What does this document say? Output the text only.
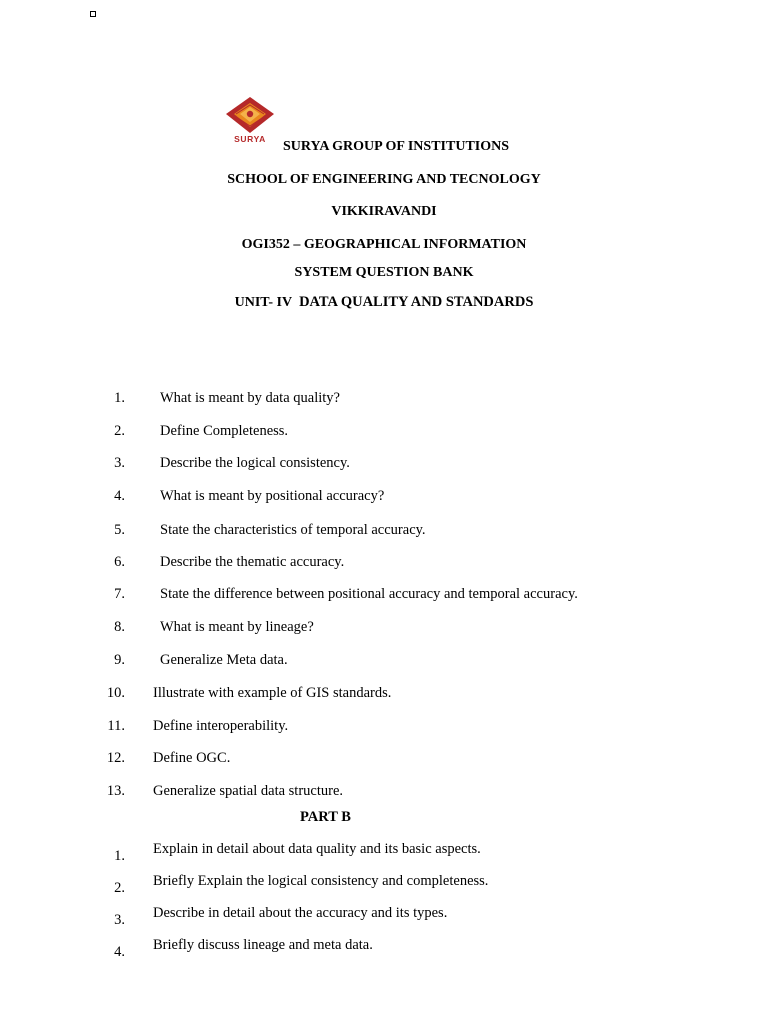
SURYA	SURYA GROUP OF INSTITUTIONS
SCHOOL OF ENGINEERING AND TECNOLOGY
VIKKIRAVANDI
OGI352 – GEOGRAPHICAL INFORMATION
SYSTEM QUESTION BANK
UNIT- IV DATA QUALITY AND STANDARDS
1. What is meant by data quality?
2. Define Completeness.
3. Describe the logical consistency.
4. What is meant by positional accuracy?
5. State the characteristics of temporal accuracy.
6. Describe the thematic accuracy.
7. State the difference between positional accuracy and temporal accuracy.
8. What is meant by lineage?
9. Generalize Meta data.
10. Illustrate with example of GIS standards.
11. Define interoperability.
12. Define OGC.
13. Generalize spatial data structure.
PART B
1. Explain in detail about data quality and its basic aspects.
2. Briefly Explain the logical consistency and completeness.
3. Describe in detail about the accuracy and its types.
4. Briefly discuss lineage and meta data.
